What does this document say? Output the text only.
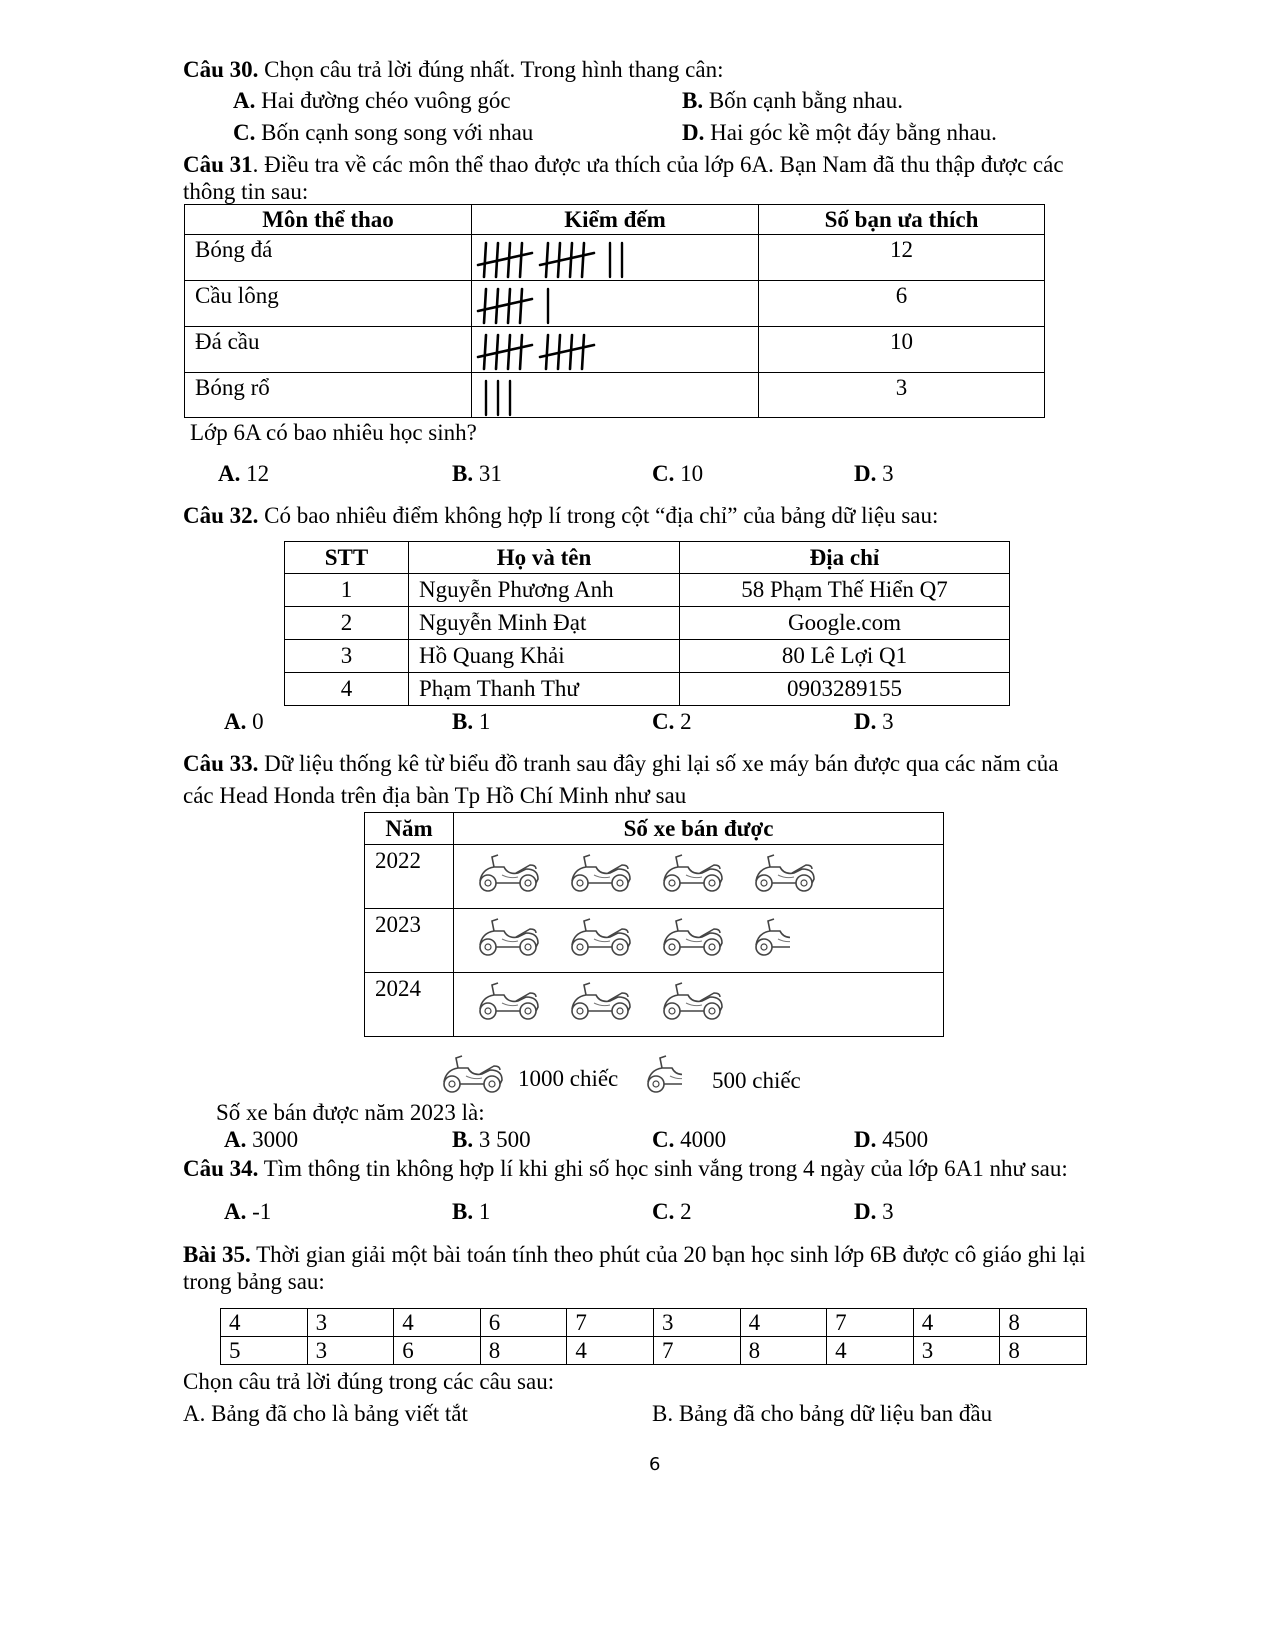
Câu 30. Chọn câu trả lời đúng nhất. Trong hình thang cân:
A. Hai đường chéo vuông góc	B. Bốn cạnh bằng nhau.
C. Bốn cạnh song song với nhau	D. Hai góc kề một đáy bằng nhau.
Câu 31. Điều tra về các môn thể thao được ưa thích của lớp 6A. Bạn Nam đã thu thập được các
thông tin sau:
Môn thể thao	Kiểm đếm	Số bạn ưa thích
Bóng đá		12
Cầu lông		6
Đá cầu		10
Bóng rổ		3
Lớp 6A có bao nhiêu học sinh?
A. 12	B. 31	C. 10	D. 3
Câu 32. Có bao nhiêu điểm không hợp lí trong cột “địa chỉ” của bảng dữ liệu sau:
STT	Họ và tên	Địa chỉ
1	Nguyễn Phương Anh	58 Phạm Thế Hiển Q7
2	Nguyễn Minh Đạt	Google.com
3	Hồ Quang Khải	80 Lê Lợi Q1
4	Phạm Thanh Thư	0903289155
A. 0	B. 1	C. 2	D. 3
Câu 33. Dữ liệu thống kê từ biểu đồ tranh sau đây ghi lại số xe máy bán được qua các năm của
các Head Honda trên địa bàn Tp Hồ Chí Minh như sau
Năm	Số xe bán được
2022	

2023	

2024	
1000 chiếc	500 chiếc
Số xe bán được năm 2023 là:
A. 3000	B. 3 500	C. 4000	D. 4500
Câu 34. Tìm thông tin không hợp lí khi ghi số học sinh vắng trong 4 ngày của lớp 6A1 như sau:
A. -1	B. 1	C. 2	D. 3
Bài 35. Thời gian giải một bài toán tính theo phút của 20 bạn học sinh lớp 6B được cô giáo ghi lại
trong bảng sau:
4	3	4	6	7	3	4	7	4	8
5	3	6	8	4	7	8	4	3	8
Chọn câu trả lời đúng trong các câu sau:
A. Bảng đã cho là bảng viết tắt	B. Bảng đã cho bảng dữ liệu ban đầu
6
